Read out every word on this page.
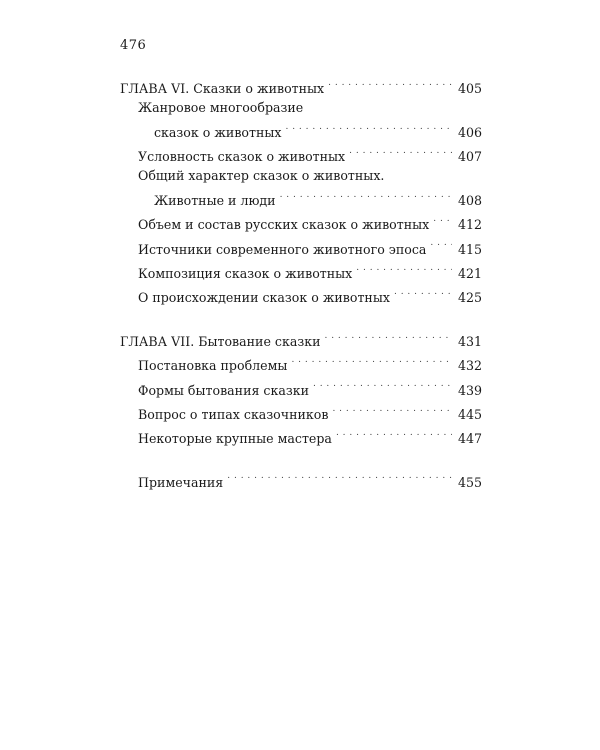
476
ГЛАВА VI. Сказки о животных . . .	405
Жанровое многообразие
сказок о животных . . .	406
Условность сказок о животных . . .	407
Общий характер сказок о животных.
Животные и люди . . .	408
Объем и состав русских сказок о животных . . . 412
Источники современного животного эпоса . . .	415
Композиция сказок о животных . . .	421
О происхождении сказок о животных . . .	425
ГЛАВА VII. Бытование сказки . . .	431
Постановка проблемы . . .	432
Формы бытования сказки . . .	439
Вопрос о типах сказочников . . .	445
Некоторые крупные мастера . . .	447
Примечания . . .	455
